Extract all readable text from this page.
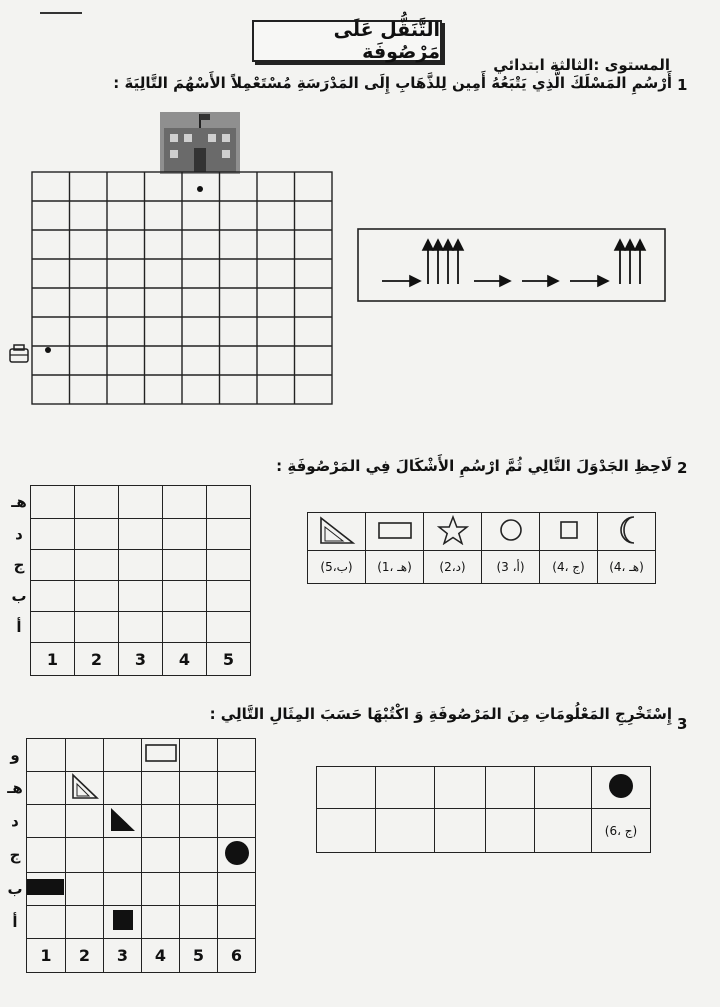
التَّنَقُّل عَلَى مَرْصُوفَة
المستوى :الثالثة ابتدائي
1
أَرْسُمِ المَسْلَكَ الَّذِي يَتْبَعُهُ أَمِين لِلذَّهَابِ إِلَى المَدْرَسَةِ مُسْتَعْمِلاً الأَسْهُمَ التَّالِيَةَ :
2
لَاحِظِ الجَدْوَلَ التَّالِي ثُمَّ ارْسُمِ الأَشْكَالَ فِي المَرْصُوفَةِ :
هـ					
د					
ج					
ب					
أ					
	1	2	3	4	5

(ب،5)	(هـ ،1)	(د،2)	(أ، 3)	(ج ،4)	(هـ ،4)
3
إِسْتَخْرِجِ المَعْلُومَاتِ مِنَ المَرْصُوفَةِ وَ اكْتُبْهَا حَسَبَ المِثَالِ التَّالِي :
و						
هـ						
د						
ج						
ب						
أ						
	1	2	3	4	5	6

					(ج ،6)
